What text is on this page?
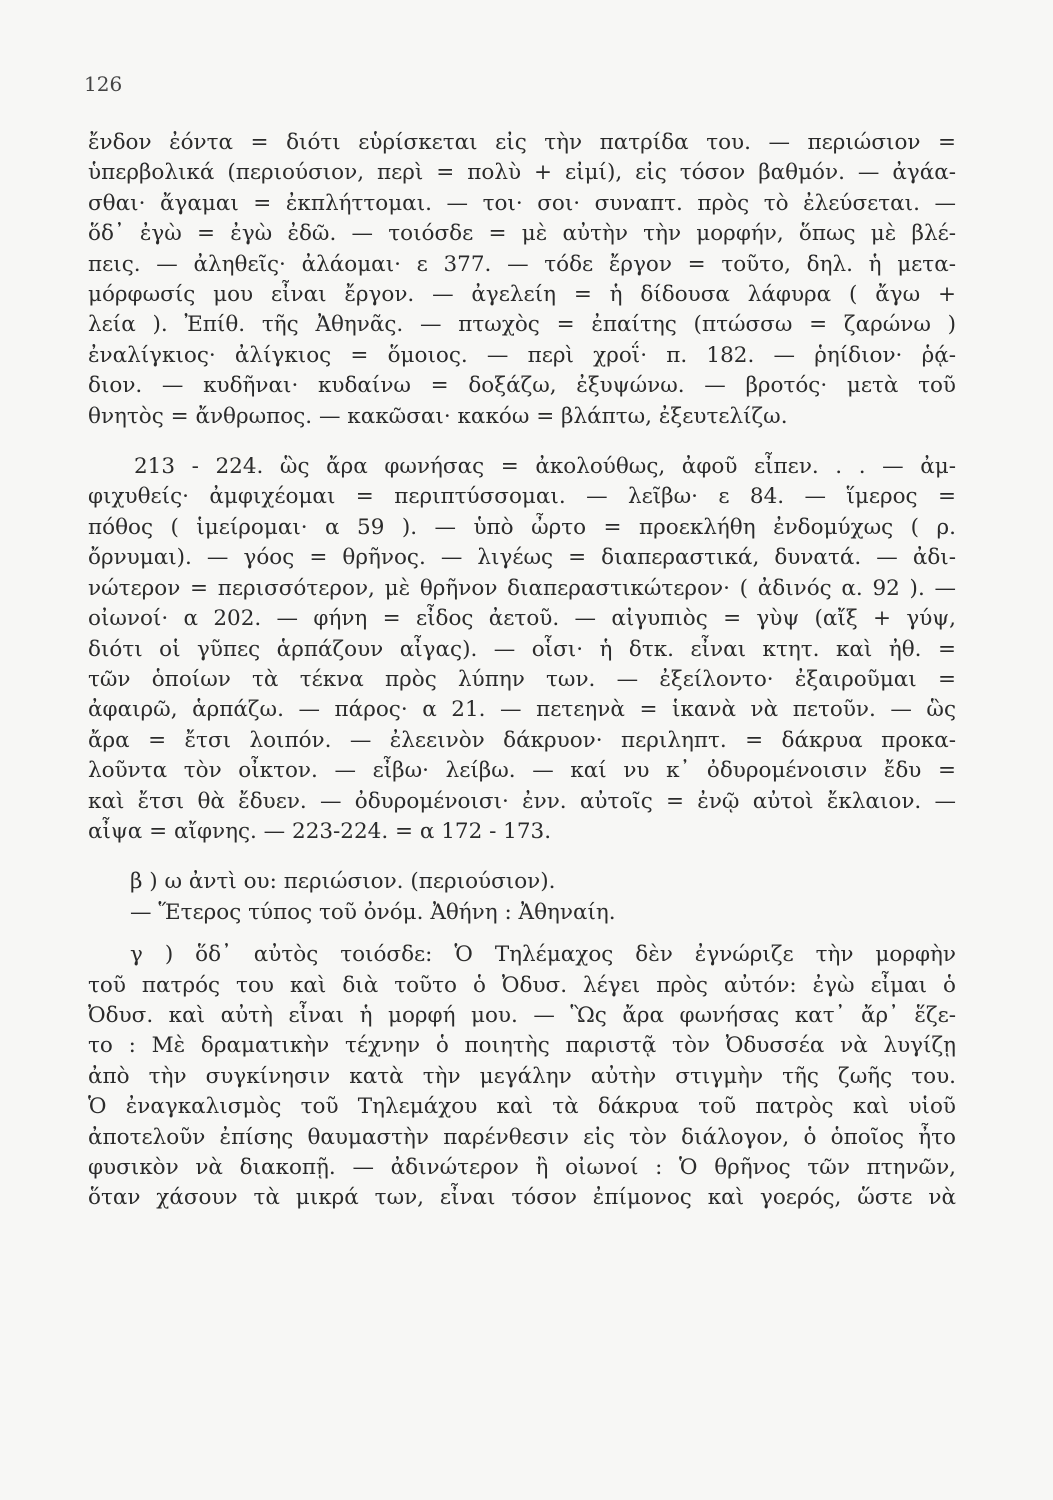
126
ἔνδον ἐόντα = διότι εὑρίσκεται εἰς τὴν πατρίδα του. — περιώσιον =
ὑπερβολικά (περιούσιον, περὶ = πολὺ + εἰμί), εἰς τόσον βαθμόν. — ἀγάα-
σθαι· ἄγαμαι = ἐκπλήττομαι. — τοι· σοι· συναπτ. πρὸς τὸ ἐλεύσεται. —
ὅδ᾽ ἐγὼ = ἐγὼ ἐδῶ. — τοιόσδε = μὲ αὐτὴν τὴν μορφήν, ὅπως μὲ βλέ-
πεις. — ἀληθεῖς· ἀλάομαι· ε 377. — τόδε ἔργον = τοῦτο, δηλ. ἡ μετα-
μόρφωσίς μου εἶναι ἔργον. — ἀγελείη = ἡ δίδουσα λάφυρα ( ἄγω +
λεία ). Ἐπίθ. τῆς Ἀθηνᾶς. — πτωχὸς = ἐπαίτης (πτώσσω = ζαρώνω )
ἐναλίγκιος· ἀλίγκιος = ὅμοιος. — περὶ χροΐ· π. 182. — ῥηίδιον· ῥᾴ-
διον. — κυδῆναι· κυδαίνω = δοξάζω, ἐξυψώνω. — βροτός· μετὰ τοῦ
θνητὸς = ἄνθρωπος. — κακῶσαι· κακόω = βλάπτω, ἐξευτελίζω.
213 - 224. ὣς ἄρα φωνήσας = ἀκολούθως, ἀφοῦ εἶπεν. . . — ἀμ-
φιχυθείς· ἀμφιχέομαι = περιπτύσσομαι. — λεῖβω· ε 84. — ἵμερος =
πόθος ( ἱμείρομαι· α 59 ). — ὑπὸ ὦρτο = προεκλήθη ἐνδομύχως ( ρ.
ὄρνυμαι). — γόος = θρῆνος. — λιγέως = διαπεραστικά, δυνατά. — ἀδι-
νώτερον = περισσότερον, μὲ θρῆνον διαπεραστικώτερον· ( ἀδινός α. 92 ). —
οἰωνοί· α 202. — φήνη = εἶδος ἀετοῦ. — αἰγυπιὸς = γὺψ (αἴξ + γύψ,
διότι οἱ γῦπες ἁρπάζουν αἶγας). — οἷσι· ἡ δτκ. εἶναι κτητ. καὶ ἠθ. =
τῶν ὁποίων τὰ τέκνα πρὸς λύπην των. — ἐξείλοντο· ἐξαιροῦμαι =
ἀφαιρῶ, ἁρπάζω. — πάρος· α 21. — πετεηνὰ = ἱκανὰ νὰ πετοῦν. — ὣς
ἄρα = ἔτσι λοιπόν. — ἐλεεινὸν δάκρυον· περιληπτ. = δάκρυα προκα-
λοῦντα τὸν οἶκτον. — εἶβω· λείβω. — καί νυ κ᾽ ὀδυρομένοισιν ἔδυ =
καὶ ἔτσι θὰ ἔδυεν. — ὀδυρομένοισι· ἐνν. αὐτοῖς = ἐνῷ αὐτοὶ ἔκλαιον. —
αἶψα = αἴφνης. — 223-224. = α 172 - 173.
β ) ω ἀντὶ ου: περιώσιον. (περιούσιον).
— Ἕτερος τύπος τοῦ ὀνόμ. Ἀθήνη : Ἀθηναίη.
γ ) ὅδ᾽ αὐτὸς τοιόσδε: Ὁ Τηλέμαχος δὲν ἐγνώριζε τὴν μορφὴν
τοῦ πατρός του καὶ διὰ τοῦτο ὁ Ὀδυσ. λέγει πρὸς αὐτόν: ἐγὼ εἶμαι ὁ
Ὀδυσ. καὶ αὐτὴ εἶναι ἡ μορφή μου. — Ὣς ἄρα φωνήσας κατ᾽ ἄρ᾽ ἕζε-
το : Μὲ δραματικὴν τέχνην ὁ ποιητὴς παριστᾷ τὸν Ὀδυσσέα νὰ λυγίζῃ
ἀπὸ τὴν συγκίνησιν κατὰ τὴν μεγάλην αὐτὴν στιγμὴν τῆς ζωῆς του.
Ὁ ἐναγκαλισμὸς τοῦ Τηλεμάχου καὶ τὰ δάκρυα τοῦ πατρὸς καὶ υἱοῦ
ἀποτελοῦν ἐπίσης θαυμαστὴν παρένθεσιν εἰς τὸν διάλογον, ὁ ὁποῖος ἦτο
φυσικὸν νὰ διακοπῇ. — ἀδινώτερον ἢ οἰωνοί : Ὁ θρῆνος τῶν πτηνῶν,
ὅταν χάσουν τὰ μικρά των, εἶναι τόσον ἐπίμονος καὶ γοερός, ὥστε νὰ
